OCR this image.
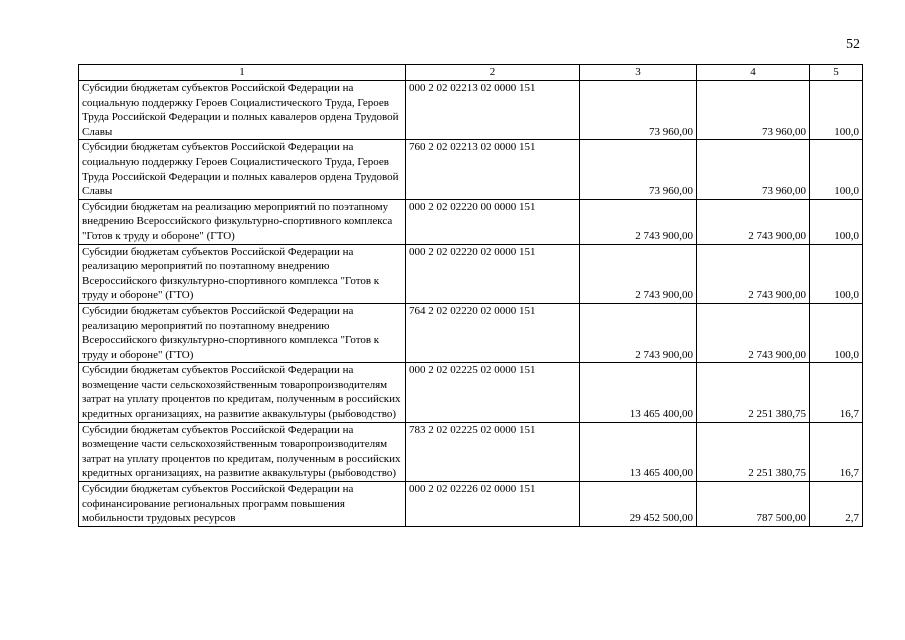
52
1	2	3	4	5
Субсидии бюджетам субъектов Российской Федерации на социальную поддержку Героев Социалистического Труда, Героев Труда Российской Федерации и полных кавалеров ордена Трудовой Славы	000 2 02 02213 02 0000 151	73 960,00	73 960,00	100,0
Субсидии бюджетам субъектов Российской Федерации на социальную поддержку Героев Социалистического Труда, Героев Труда Российской Федерации и полных кавалеров ордена Трудовой Славы	760 2 02 02213 02 0000 151	73 960,00	73 960,00	100,0
Субсидии бюджетам на реализацию мероприятий по поэтапному внедрению Всероссийского физкультурно-спортивного комплекса "Готов к труду и обороне" (ГТО)	000 2 02 02220 00 0000 151	2 743 900,00	2 743 900,00	100,0
Субсидии бюджетам субъектов Российской Федерации на реализацию мероприятий по поэтапному внедрению Всероссийского физкультурно-спортивного комплекса "Готов к труду и обороне" (ГТО)	000 2 02 02220 02 0000 151	2 743 900,00	2 743 900,00	100,0
Субсидии бюджетам субъектов Российской Федерации на реализацию мероприятий по поэтапному внедрению Всероссийского физкультурно-спортивного комплекса "Готов к труду и обороне" (ГТО)	764 2 02 02220 02 0000 151	2 743 900,00	2 743 900,00	100,0
Субсидии бюджетам субъектов Российской Федерации на возмещение части сельскохозяйственным товаропроизводителям затрат на уплату процентов по кредитам, полученным в российских кредитных организациях, на развитие аквакультуры (рыбоводство)	000 2 02 02225 02 0000 151	13 465 400,00	2 251 380,75	16,7
Субсидии бюджетам субъектов Российской Федерации на возмещение части сельскохозяйственным товаропроизводителям затрат на уплату процентов по кредитам, полученным в российских кредитных организациях, на развитие аквакультуры (рыбоводство)	783 2 02 02225 02 0000 151	13 465 400,00	2 251 380,75	16,7
Субсидии бюджетам субъектов Российской Федерации на софинансирование региональных программ повышения мобильности трудовых ресурсов	000 2 02 02226 02 0000 151	29 452 500,00	787 500,00	2,7
